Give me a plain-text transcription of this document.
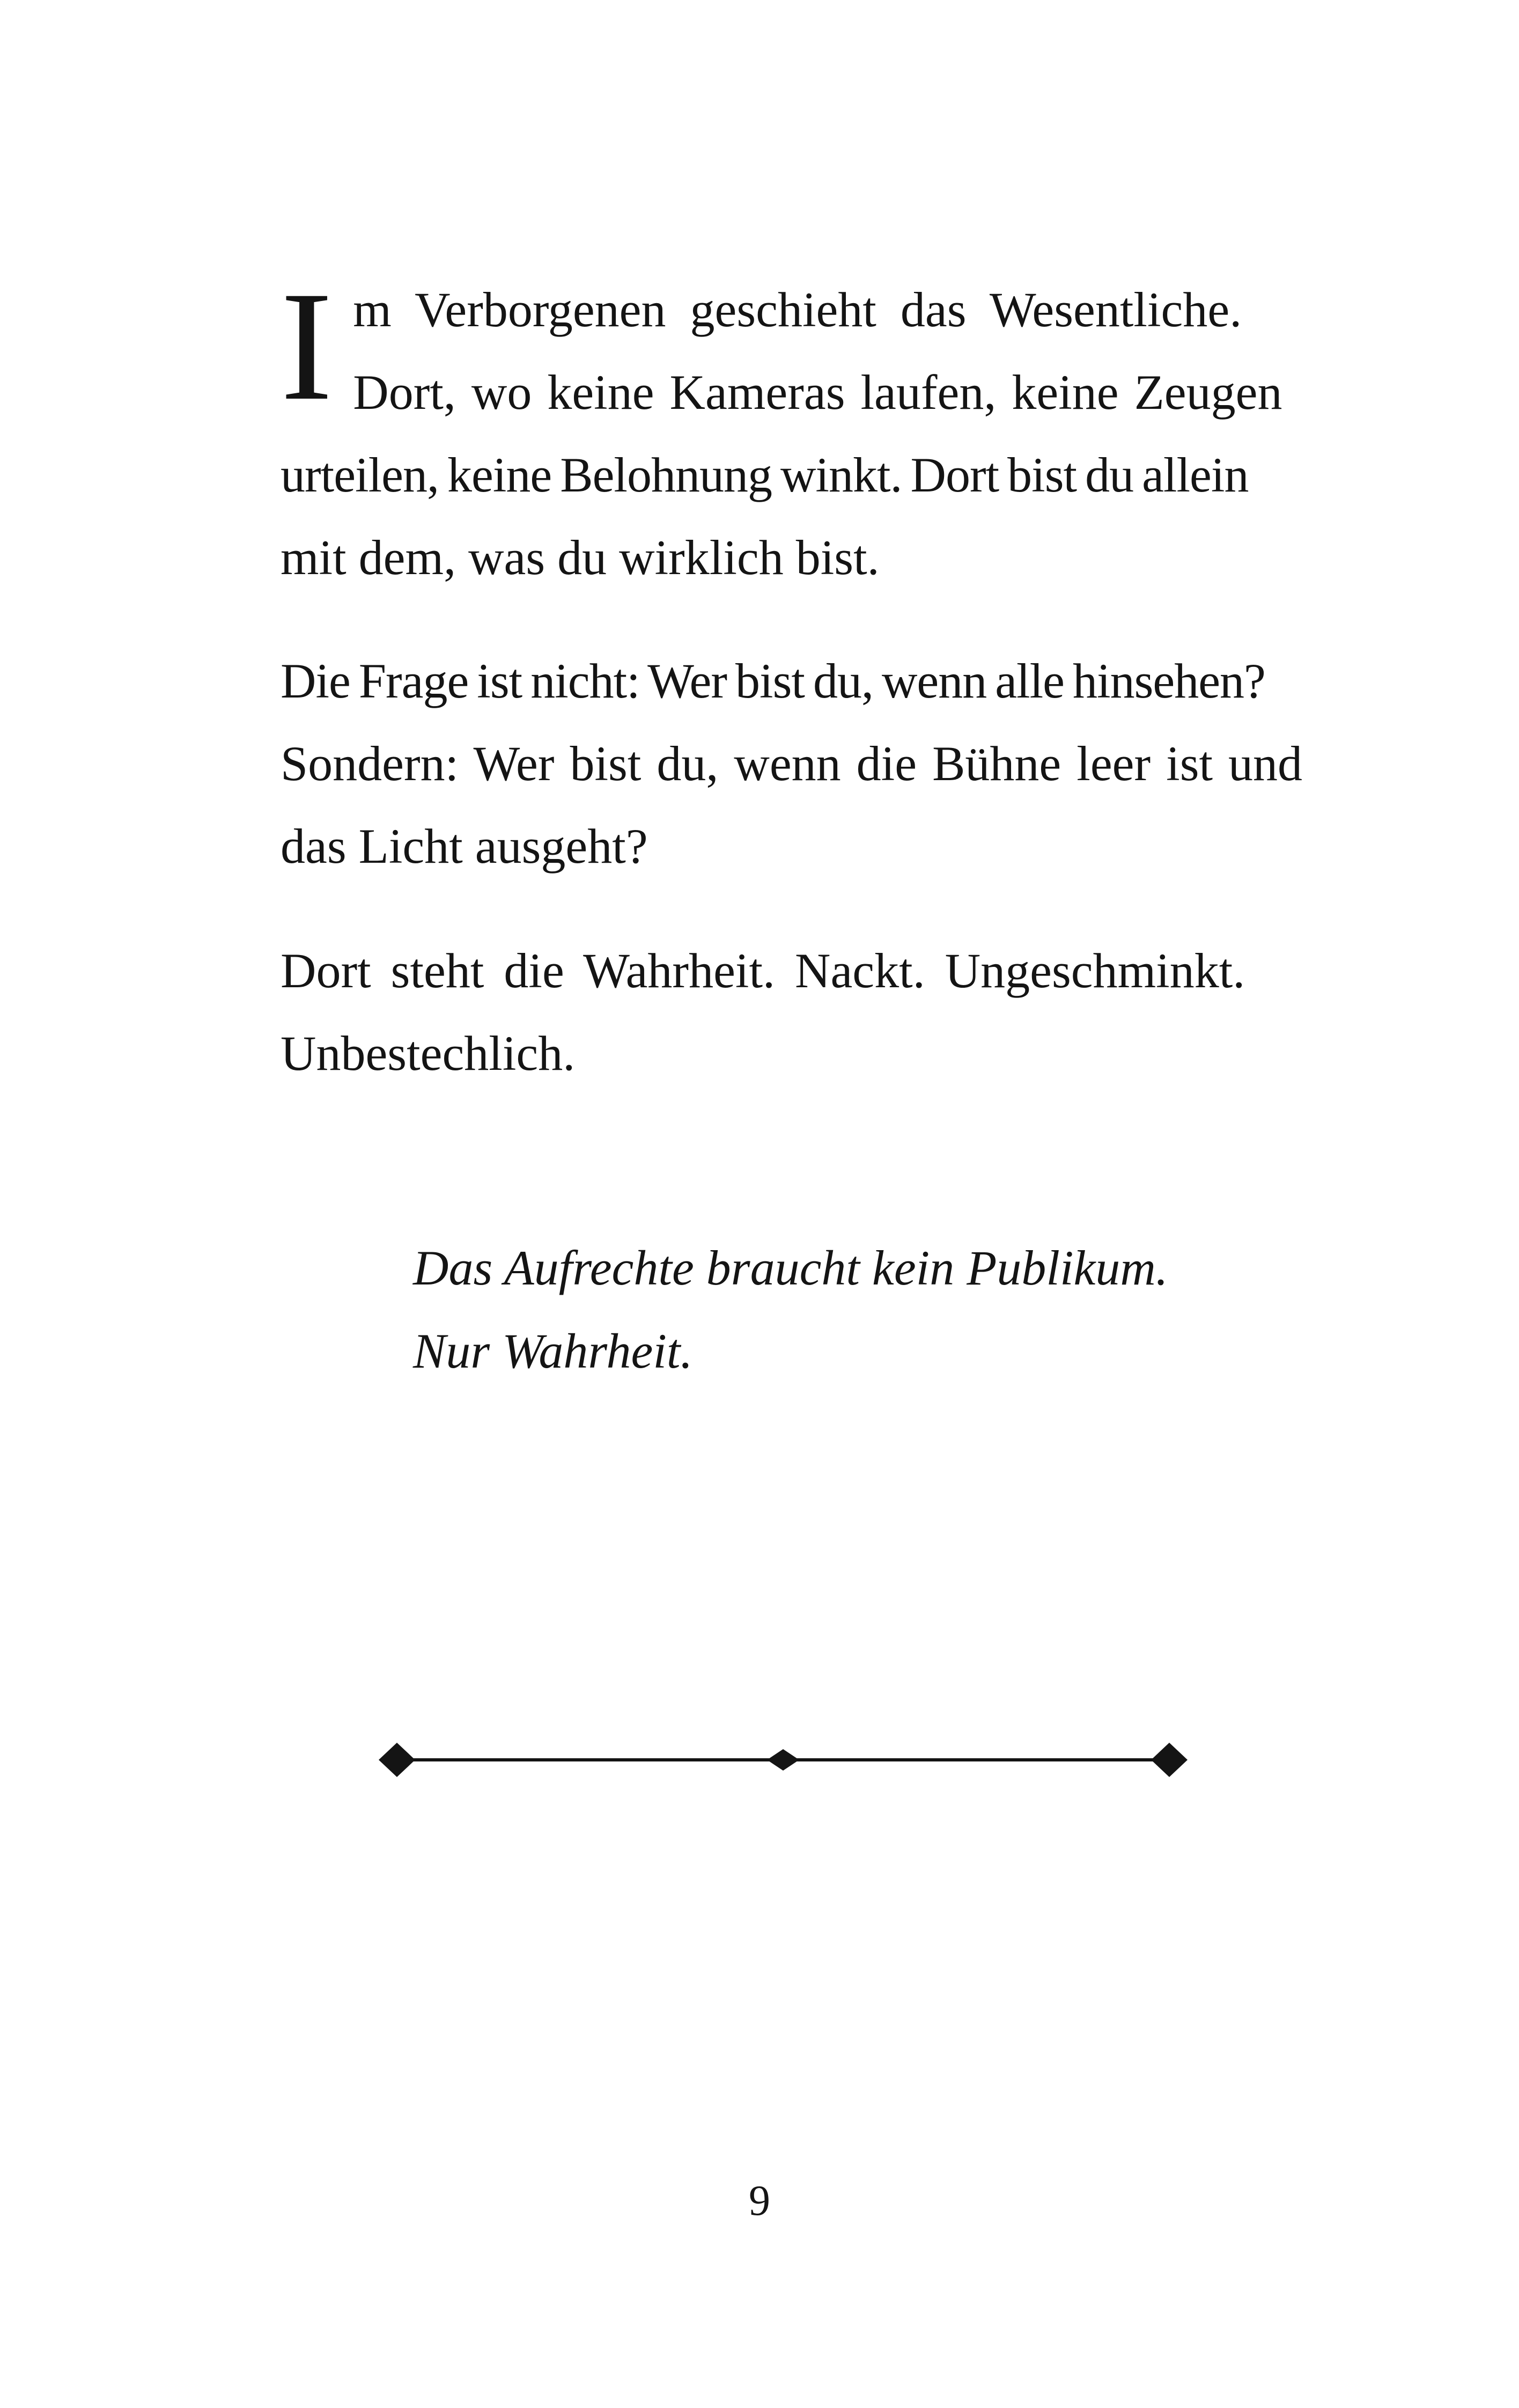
I m Verborgenen geschieht das Wesentliche.
Dort, wo keine Kameras laufen, keine Zeugen
urteilen, keine Belohnung winkt. Dort bist du allein
mit dem, was du wirklich bist.
Die Frage ist nicht: Wer bist du, wenn alle hinsehen?
Sondern: Wer bist du, wenn die Bühne leer ist und
das Licht ausgeht?
Dort steht die Wahrheit. Nackt. Ungeschminkt.
Unbestechlich.
Das Aufrechte braucht kein Publikum.
Nur Wahrheit.
9
